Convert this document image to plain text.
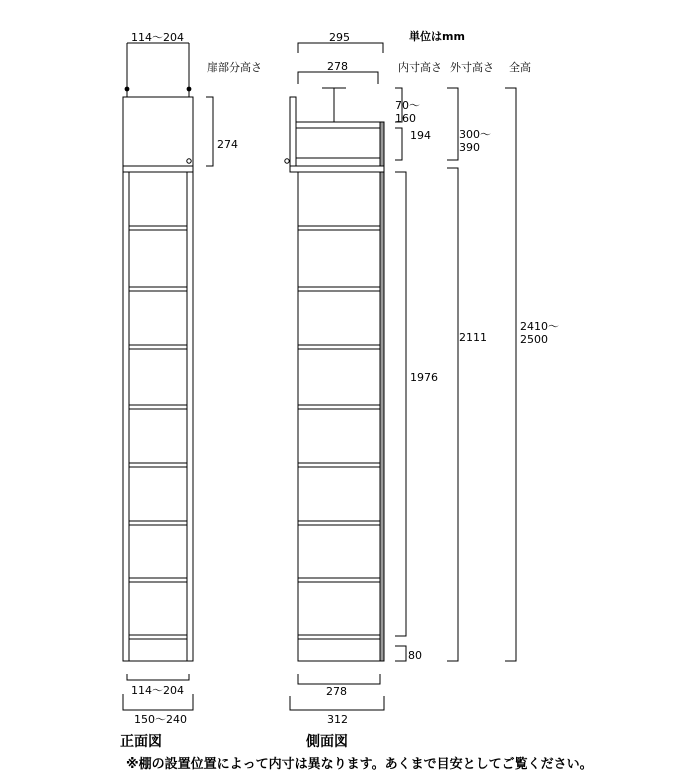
単位はmm
扉部分高さ	内寸高さ 外寸高さ 全高
114〜204
274
114〜204
150〜240
正面図
295
278
278
312
側面図
70〜
160
194	300〜
390
1976
2111
80
2410〜
2500
※棚の設置位置によって内寸は異なります。あくまで目安としてご覧ください。
